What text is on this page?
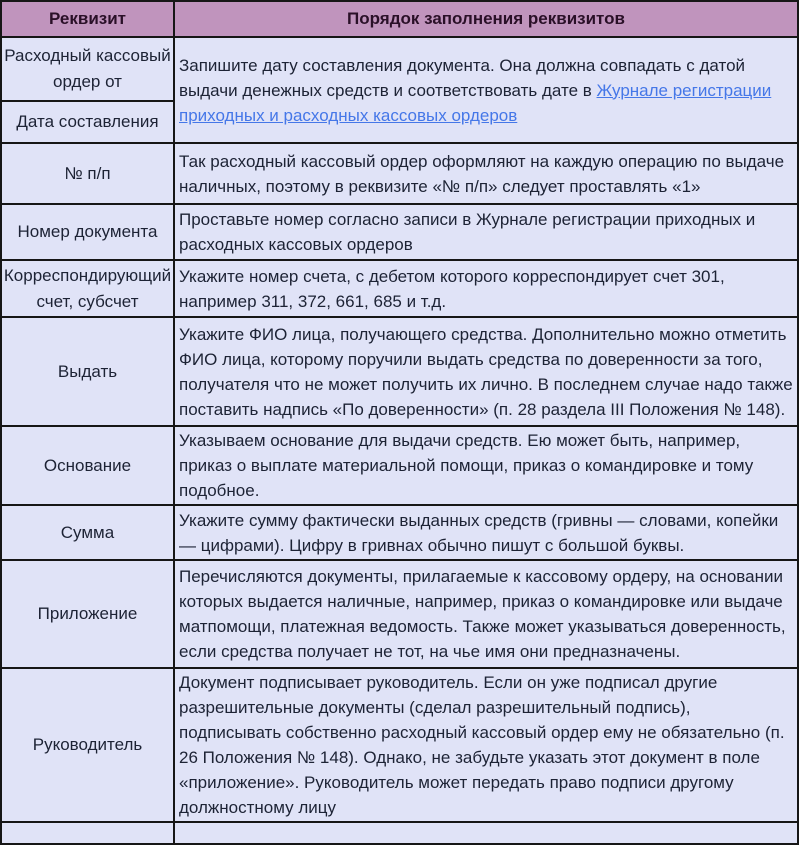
Реквизит	Порядок заполнения реквизитов
Расходный кассовый ордер от	Запишите дату составления документа. Она должна совпадать с датой выдачи денежных средств и соответствовать дате в Журнале регистрации приходных и расходных кассовых ордеров
Дата составления	
№ п/п	Так расходный кассовый ордер оформляют на каждую операцию по выдаче наличных, поэтому в реквизите «№ п/п» следует проставлять «1»
Номер документа	Проставьте номер согласно записи в Журнале регистрации приходных и расходных кассовых ордеров
Корреспондирующий счет, субсчет	Укажите номер счета, с дебетом которого корреспондирует счет 301, например 311, 372, 661, 685 и т.д.
Выдать	Укажите ФИО лица, получающего средства. Дополнительно можно отметить ФИО лица, которому поручили выдать средства по доверенности за того, получателя что не может получить их лично. В последнем случае надо также поставить надпись «По доверенности» (п. 28 раздела III Положения № 148).
Основание	Указываем основание для выдачи средств. Ею может быть, например, приказ о выплате материальной помощи, приказ о командировке и тому подобное.
Сумма	Укажите сумму фактически выданных средств (гривны — словами, копейки — цифрами). Цифру в гривнах обычно пишут с большой буквы.
Приложение	Перечисляются документы, прилагаемые к кассовому ордеру, на основании которых выдается наличные, например, приказ о командировке или выдаче матпомощи, платежная ведомость. Также может указываться доверенность, если средства получает не тот, на чье имя они предназначены.
Руководитель	Документ подписывает руководитель. Если он уже подписал другие разрешительные документы (сделал разрешительный подпись), подписывать собственно расходный кассовый ордер ему не обязательно (п. 26 Положения № 148). Однако, не забудьте указать этот документ в поле «приложение». Руководитель может передать право подписи другому должностному лицу
